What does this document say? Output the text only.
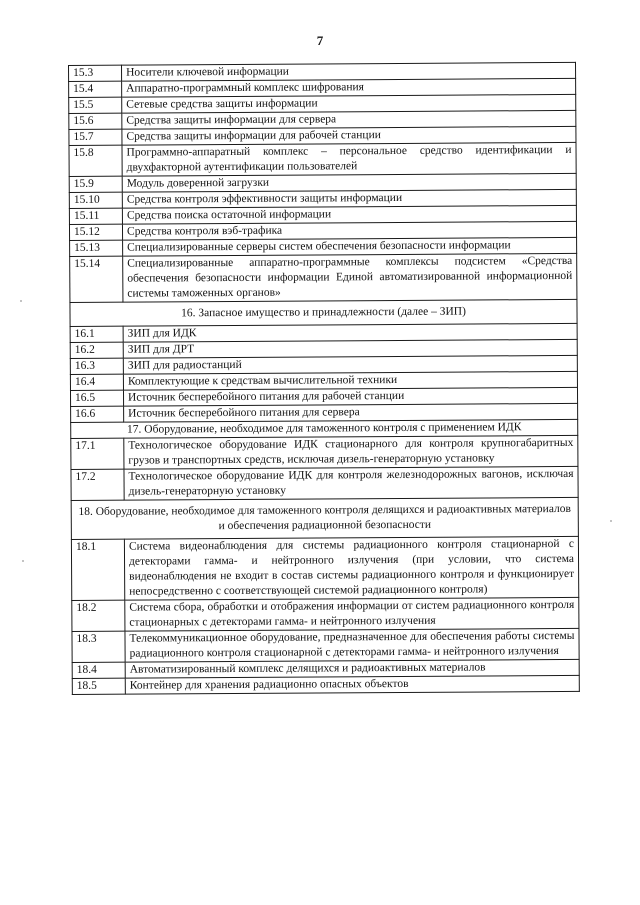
7
15.3	Носители ключевой информации
15.4	Аппаратно-программный комплекс шифрования
15.5	Сетевые средства защиты информации
15.6	Средства защиты информации для сервера
15.7	Средства защиты информации для рабочей станции
15.8	Программно-аппаратный комплекс – персональное средство идентификации и двухфакторной аутентификации пользователей
15.9	Модуль доверенной загрузки
15.10	Средства контроля эффективности защиты информации
15.11	Средства поиска остаточной информации
15.12	Средства контроля вэб-трафика
15.13	Специализированные серверы систем обеспечения безопасности информации
15.14	Специализированные аппаратно-программные комплексы подсистем «Средства обеспечения безопасности информации Единой автоматизированной информационной системы таможенных органов»
16. Запасное имущество и принадлежности (далее – ЗИП)	
16.1	ЗИП для ИДК
16.2	ЗИП для ДРТ
16.3	ЗИП для радиостанций
16.4	Комплектующие к средствам вычислительной техники
16.5	Источник бесперебойного питания для рабочей станции
16.6	Источник бесперебойного питания для сервера
17. Оборудование, необходимое для таможенного контроля с применением ИДК	
17.1	Технологическое оборудование ИДК стационарного для контроля крупногабаритных грузов и транспортных средств, исключая дизель-генераторную установку
17.2	Технологическое оборудование ИДК для контроля железнодорожных вагонов, исключая дизель-генераторную установку
18. Оборудование, необходимое для таможенного контроля делящихся и радиоактивных материалов и обеспечения радиационной безопасности	
18.1	Система видеонаблюдения для системы радиационного контроля стационарной с детекторами гамма- и нейтронного излучения (при условии, что система видеонаблюдения не входит в состав системы радиационного контроля и функционирует непосредственно с соответствующей системой радиационного контроля)
18.2	Система сбора, обработки и отображения информации от систем радиационного контроля стационарных с детекторами гамма- и нейтронного излучения
18.3	Телекоммуникационное оборудование, предназначенное для обеспечения работы системы радиационного контроля стационарной с детекторами гамма- и нейтронного излучения
18.4	Автоматизированный комплекс делящихся и радиоактивных материалов
18.5	Контейнер для хранения радиационно опасных объектов
